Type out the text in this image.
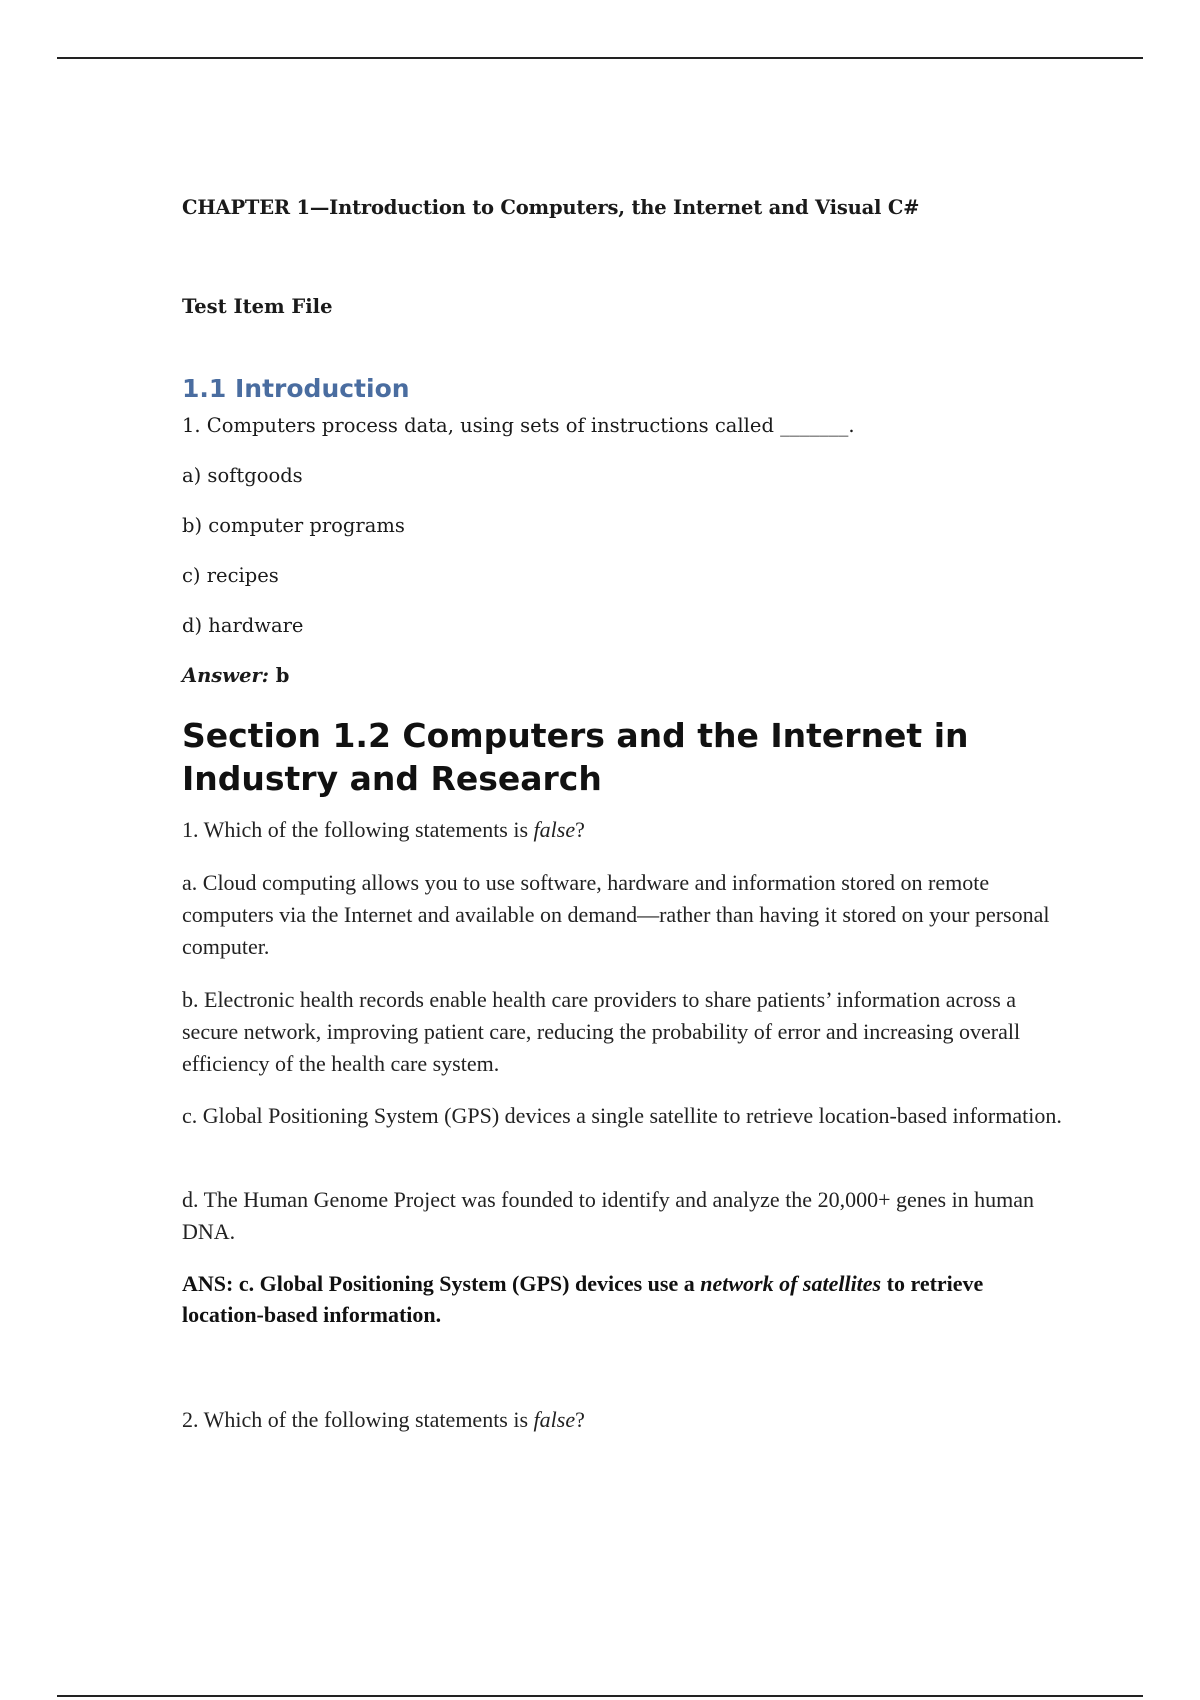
CHAPTER 1—Introduction to Computers, the Internet and Visual C#
Test Item File
1.1 Introduction
1. Computers process data, using sets of instructions called _______.
a) softgoods
b) computer programs
c) recipes
d) hardware
Answer: b
Section 1.2 Computers and the Internet in Industry and Research
1. Which of the following statements is false?
a. Cloud computing allows you to use software, hardware and information stored on remote computers via the Internet and available on demand—rather than having it stored on your personal computer.
b. Electronic health records enable health care providers to share patients’ information across a secure network, improving patient care, reducing the probability of error and increasing overall efficiency of the health care system.
c. Global Positioning System (GPS) devices a single satellite to retrieve location-based information.
d. The Human Genome Project was founded to identify and analyze the 20,000+ genes in human DNA.
ANS: c. Global Positioning System (GPS) devices use a network of satellites to retrieve location-based information.
2. Which of the following statements is false?
